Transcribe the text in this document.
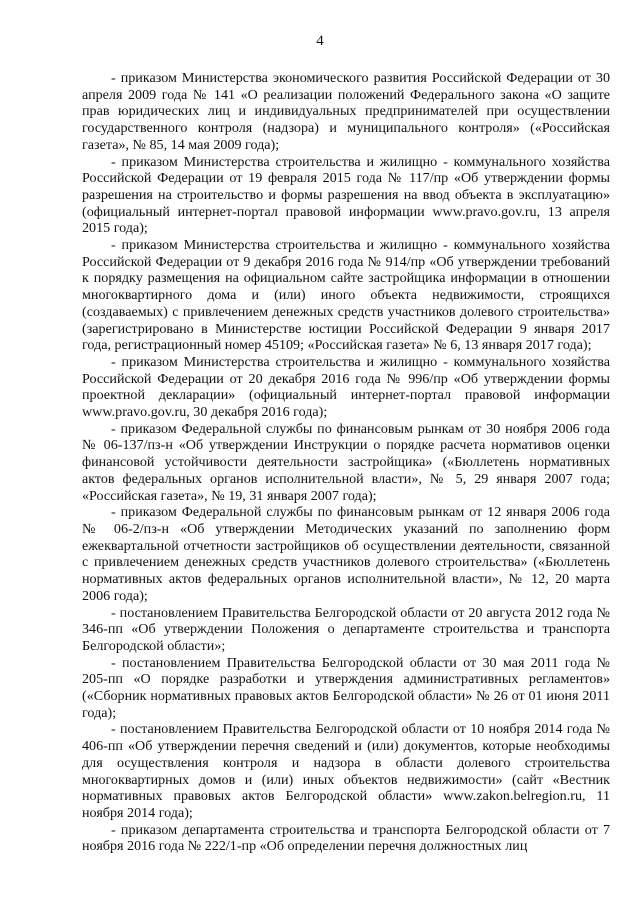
4

- приказом Министерства экономического развития Российской Федерации от 30 апреля 2009 года № 141 «О реализации положений Федерального закона «О защите прав юридических лиц и индивидуальных предпринимателей при осуществлении государственного контроля (надзора) и муниципального контроля» («Российская газета», № 85, 14 мая 2009 года);

- приказом Министерства строительства и жилищно - коммунального хозяйства Российской Федерации от 19 февраля 2015 года № 117/пр «Об утверждении формы разрешения на строительство и формы разрешения на ввод объекта в эксплуатацию» (официальный интернет-портал правовой информации www.pravo.gov.ru, 13 апреля 2015 года);

- приказом Министерства строительства и жилищно - коммунального хозяйства Российской Федерации от 9 декабря 2016 года № 914/пр «Об утверждении требований к порядку размещения на официальном сайте застройщика информации в отношении многоквартирного дома и (или) иного объекта недвижимости, строящихся (создаваемых) с привлечением денежных средств участников долевого строительства» (зарегистрировано в Министерстве юстиции Российской Федерации 9 января 2017 года, регистрационный номер 45109; «Российская газета» № 6, 13 января 2017 года);

- приказом Министерства строительства и жилищно - коммунального хозяйства Российской Федерации от 20 декабря 2016 года № 996/пр «Об утверждении формы проектной декларации» (официальный интернет-портал правовой информации www.pravo.gov.ru, 30 декабря 2016 года);

- приказом Федеральной службы по финансовым рынкам от 30 ноября 2006 года № 06-137/пз-н «Об утверждении Инструкции о порядке расчета нормативов оценки финансовой устойчивости деятельности застройщика» («Бюллетень нормативных актов федеральных органов исполнительной власти», № 5, 29 января 2007 года; «Российская газета», № 19, 31 января 2007 года);

- приказом Федеральной службы по финансовым рынкам от 12 января 2006 года № 06-2/пз-н «Об утверждении Методических указаний по заполнению форм ежеквартальной отчетности застройщиков об осуществлении деятельности, связанной с привлечением денежных средств участников долевого строительства» («Бюллетень нормативных актов федеральных органов исполнительной власти», № 12, 20 марта 2006 года);

- постановлением Правительства Белгородской области от 20 августа 2012 года № 346-пп «Об утверждении Положения о департаменте строительства и транспорта Белгородской области»;

- постановлением Правительства Белгородской области от 30 мая 2011 года № 205-пп «О порядке разработки и утверждения административных регламентов» («Сборник нормативных правовых актов Белгородской области» № 26 от 01 июня 2011 года);

- постановлением Правительства Белгородской области от 10 ноября 2014 года № 406-пп «Об утверждении перечня сведений и (или) документов, которые необходимы для осуществления контроля и надзора в области долевого строительства многоквартирных домов и (или) иных объектов недвижимости» (сайт «Вестник нормативных правовых актов Белгородской области» www.zakon.belregion.ru, 11 ноября 2014 года);

- приказом департамента строительства и транспорта Белгородской области от 7 ноября 2016 года № 222/1-пр «Об определении перечня должностных лиц
